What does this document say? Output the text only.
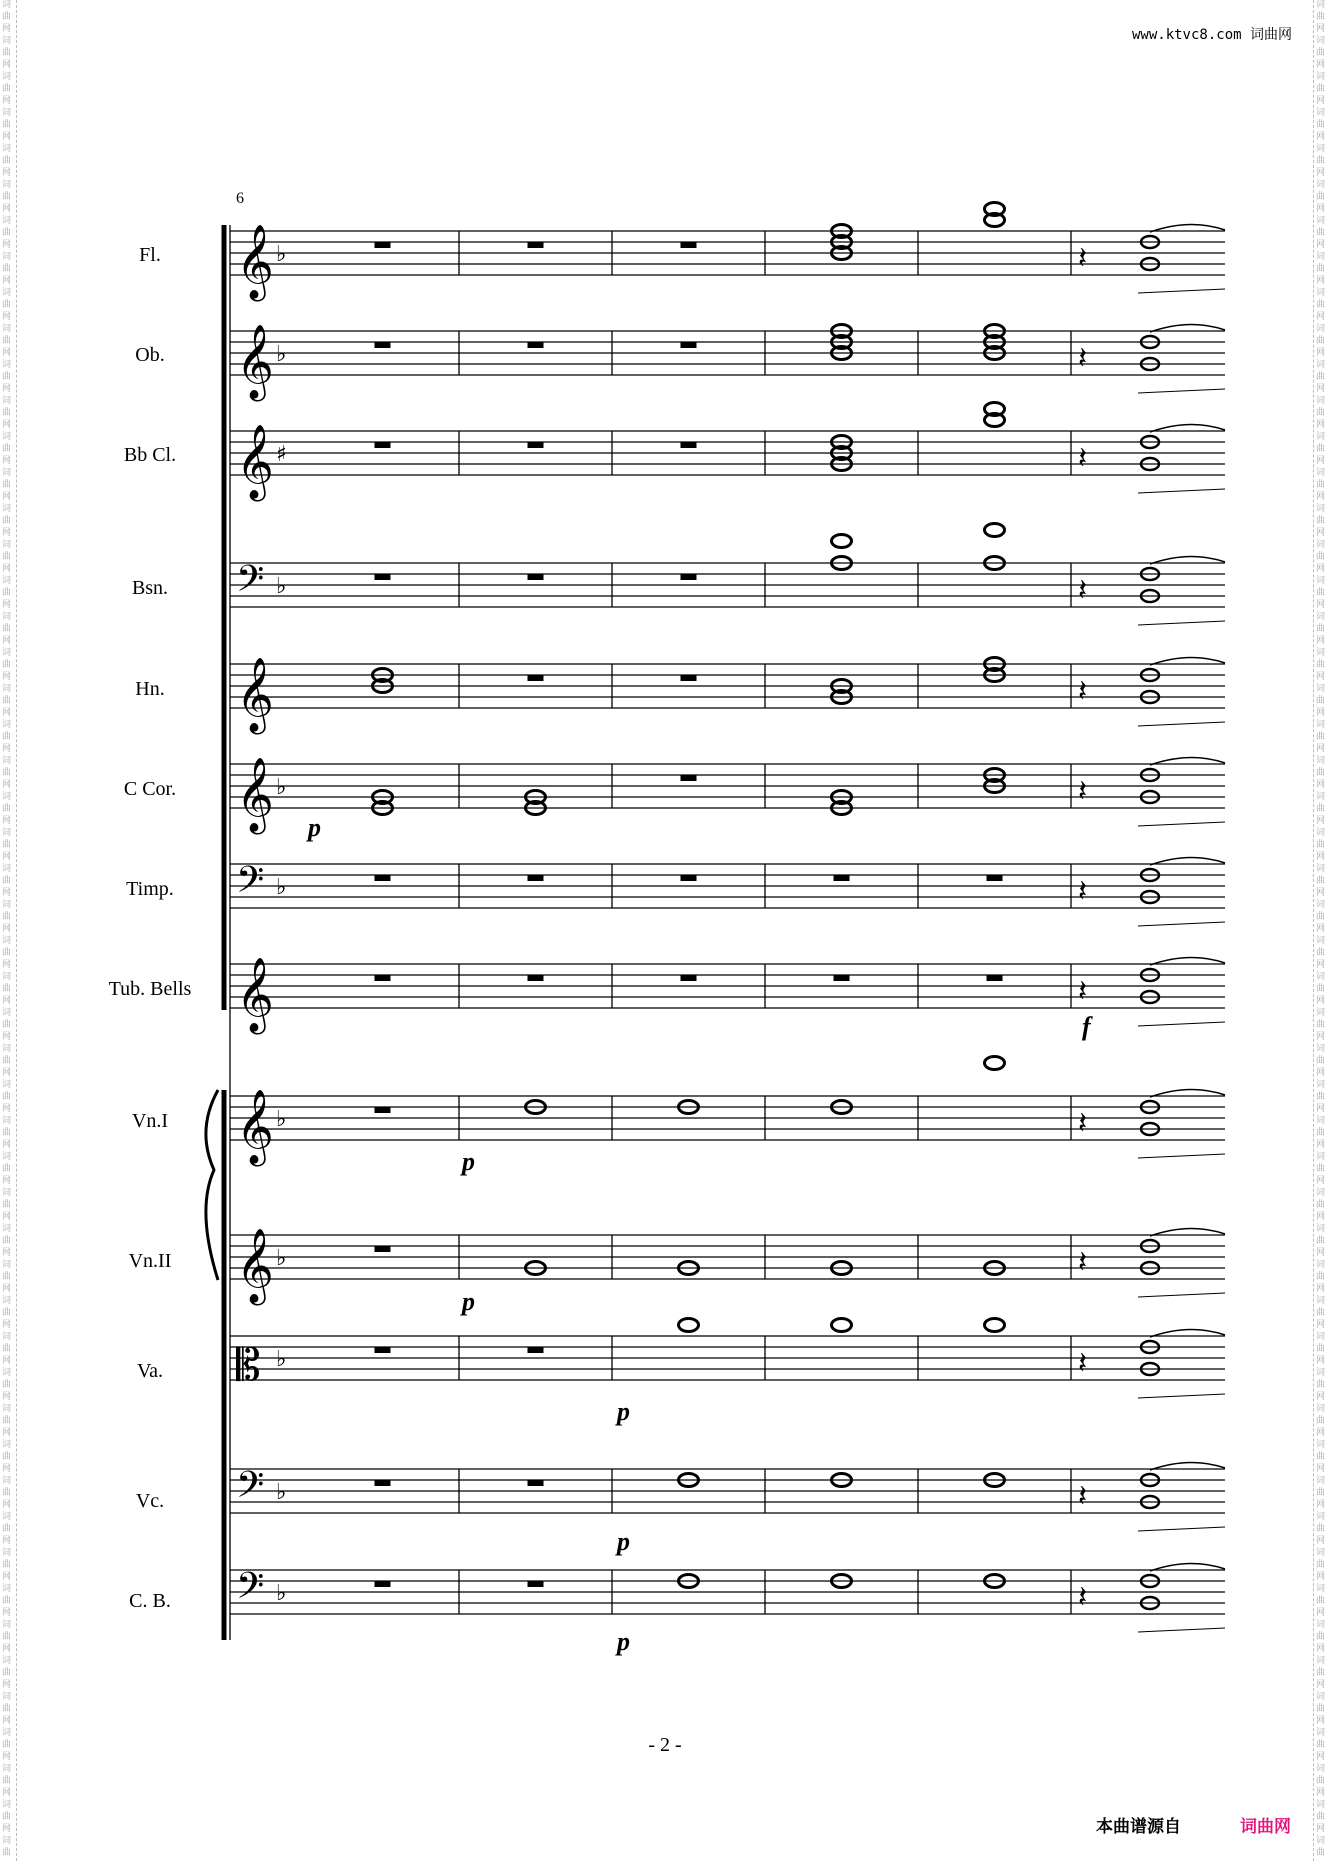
词
曲
网
词
曲
网
词
曲
网
词
曲
网
词
曲
网
词
曲
网
词
曲
网
词
曲
网
词
曲
网
词
曲
网
词
曲
网
词
曲
网
词
曲
网
词
曲
网
词
曲
网
词
曲
网
词
曲
网
词
曲
网
词
曲
网
词
曲
网
词
曲
网
词
曲
网
词
曲
网
词
曲
网
词
曲
网
词
曲
网
词
曲
网
词
曲
网
词
曲
网
词
曲
网
词
曲
网
词
曲
网
词
曲
网
词
曲
网
词
曲
网
词
曲
网
词
曲
网
词
曲
网
词
曲
网
词
曲
网
词
曲
网
词
曲
网
词
曲
网
词
曲
网
词
曲
网
词
曲
网
词
曲
网
词
曲
网
词
曲
网
词
曲
网
词
曲
网
词
曲
词
曲
网
词
曲
网
词
曲
网
词
曲
网
词
曲
网
词
曲
网
词
曲
网
词
曲
网
词
曲
网
词
曲
网
词
曲
网
词
曲
网
词
曲
网
词
曲
网
词
曲
网
词
曲
网
词
曲
网
词
曲
网
词
曲
网
词
曲
网
词
曲
网
词
曲
网
词
曲
网
词
曲
网
词
曲
网
词
曲
网
词
曲
网
词
曲
网
词
曲
网
词
曲
网
词
曲
网
词
曲
网
词
曲
网
词
曲
网
词
曲
网
词
曲
网
词
曲
网
词
曲
网
词
曲
网
词
曲
网
词
曲
网
词
曲
网
词
曲
网
词
曲
网
词
曲
网
词
曲
网
词
曲
网
词
曲
网
词
曲
网
词
曲
网
词
曲
网
词
曲
www.ktvc8.com 词曲网
6
Fl.
Ob.
Bb Cl.
Bsn.
Hn.
C Cor.
Timp.
Tub. Bells
Vn.I
Vn.II
Va.
Vc.
C. B.
𝄞 ♭
𝄞 ♭
𝄞 ♯
𝄢 ♭
𝄞
𝄞 ♭
𝄢 ♭
𝄞
𝄞 ♭
𝄞 ♭
𝄡 ♭
𝄢 ♭
𝄢 ♭
𝄽
𝄽
𝄽
𝄽
𝄽
𝄽
𝄽
𝄽
𝄽
𝄽
𝄽
𝄽
𝄽
p
f
p
p
p
p
p
- 2 -
本曲谱源自	词曲网
